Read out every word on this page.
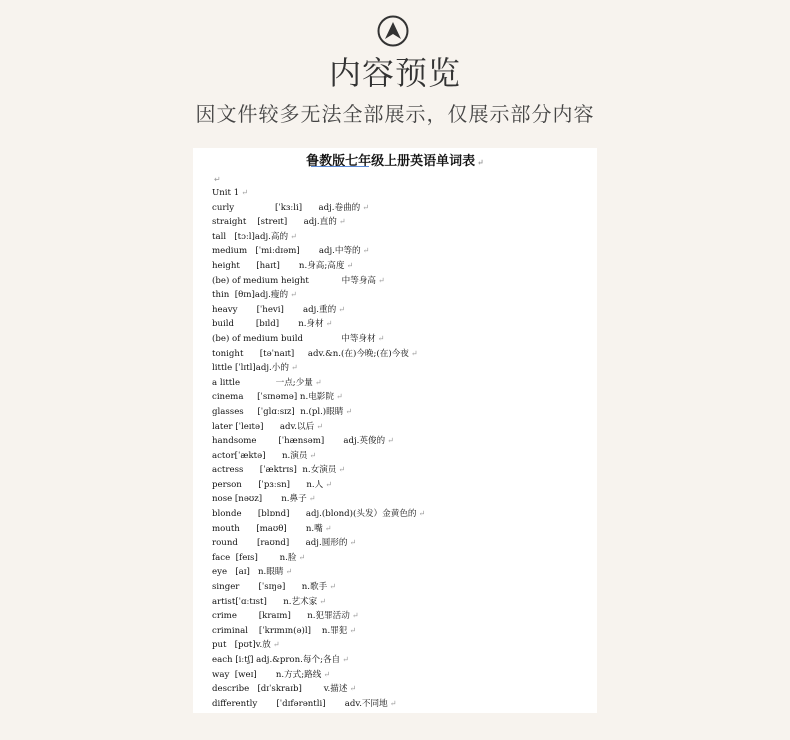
内容预览
因文件较多无法全部展示，仅展示部分内容
鲁教版七年级上册英语单词表 ↵
↵
Unit 1 ↵
curly               [ˈkɜːli]      adj.卷曲的 ↵
straight    [streɪt]      adj.直的 ↵
tall   [tɔːl]adj.高的 ↵
medium   [ˈmiːdɪəm]       adj.中等的 ↵
height      [haɪt]       n.身高;高度 ↵
(be) of medium height            中等身高 ↵
thin  [θɪn]adj.瘦的 ↵
heavy       [ˈhevi]       adj.重的 ↵
build        [bɪld]       n.身材 ↵
(be) of medium build              中等身材 ↵
tonight      [təˈnaɪt]     adv.&n.(在)今晚;(在)今夜 ↵
little [ˈlɪtl]adj.小的 ↵
a little             一点;少量 ↵
cinema     [ˈsɪnəmə] n.电影院 ↵
glasses     [ˈglɑːsɪz]  n.(pl.)眼睛 ↵
later [ˈleɪtə]      adv.以后 ↵
handsome        [ˈhænsəm]       adj.英俊的 ↵
actor[ˈæktə]      n.演员 ↵
actress      [ˈæktrɪs]  n.女演员 ↵
person      [ˈpɜːsn]      n.人 ↵
nose [nəʊz]       n.鼻子 ↵
blonde      [blɒnd]      adj.(blond)(头发）金黄色的 ↵
mouth      [maʊθ]       n.嘴 ↵
round       [raʊnd]      adj.圆形的 ↵
face  [feɪs]        n.脸 ↵
eye   [aɪ]   n.眼睛 ↵
singer       [ˈsɪŋə]      n.歌手 ↵
artist[ˈɑːtɪst]      n.艺术家 ↵
crime        [kraɪm]      n.犯罪活动 ↵
criminal    [ˈkrɪmɪn(ə)l]    n.罪犯 ↵
put   [pʊt]v.放 ↵
each [iːtʃ] adj.&pron.每个;各自 ↵
way  [weɪ]       n.方式;路线 ↵
describe   [dɪˈskraɪb]        v.描述 ↵
differently       [ˈdɪfərəntli]       adv.不同地 ↵
